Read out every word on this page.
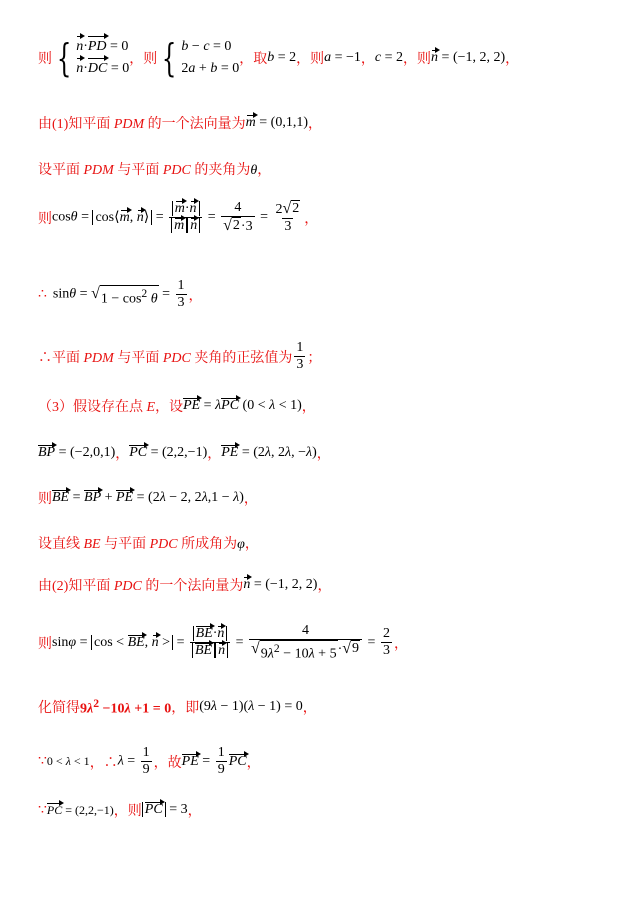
则 { n·PD = 0
n·DC = 0
，则 { b − c = 0
2a + b = 0
，取 b = 2 ，则 a = −1 ， c = 2 ，则 n = (−1, 2, 2) ，
由(1)知平面 PDM 的一个法向量为 m = (0,1,1) ，
设平面 PDM 与平面 PDC 的夹角为θ，
则 cosθ = cos⟨m, n⟩ = $\frac{m\cdot n}{\text{m n}} = \frac{4}{√ 2 \cdot 3} = \frac{2 √ 2}{3}$ ，
∴ sinθ = √ $1 - \cos^2 \theta = \frac{1}{3}$ ，
∴平面 PDM 与平面 PDC 夹角的正弦值为 $\frac{1}{3}$ ；
（3）假设存在点 E，设 PE = λPC (0 < λ < 1) ，
BP = (−2,0,1) ， PC = (2,2,−1) ， PE = (2λ, 2λ, −λ) ，
则 BE = BP + PE = (2λ − 2, 2λ,1 − λ) ，
设直线 BE 与平面 PDC 所成角为φ，
由(2)知平面 PDC 的一个法向量为 n = (−1, 2, 2) ，
则 sinφ = cos < BE, n > = $\frac{BE\cdot n}{\text{BE n}} = \frac{4}{√ 9\lambda^2 - 10\lambda + 5 \cdot √ 9} = \frac{2}{3}$ ，
化简得 $9\lambda^2 -10\lambda +1 = 0$ ，即 (9λ − 1)(λ − 1) = 0 ，
∵ 0 < λ < 1 ，∴ $\lambda = \frac{1}{9}$ ，故 PE = $\frac{1}{9}$ PC ，
∵ PC = (2,2,−1) ，则 PC = 3 ，
